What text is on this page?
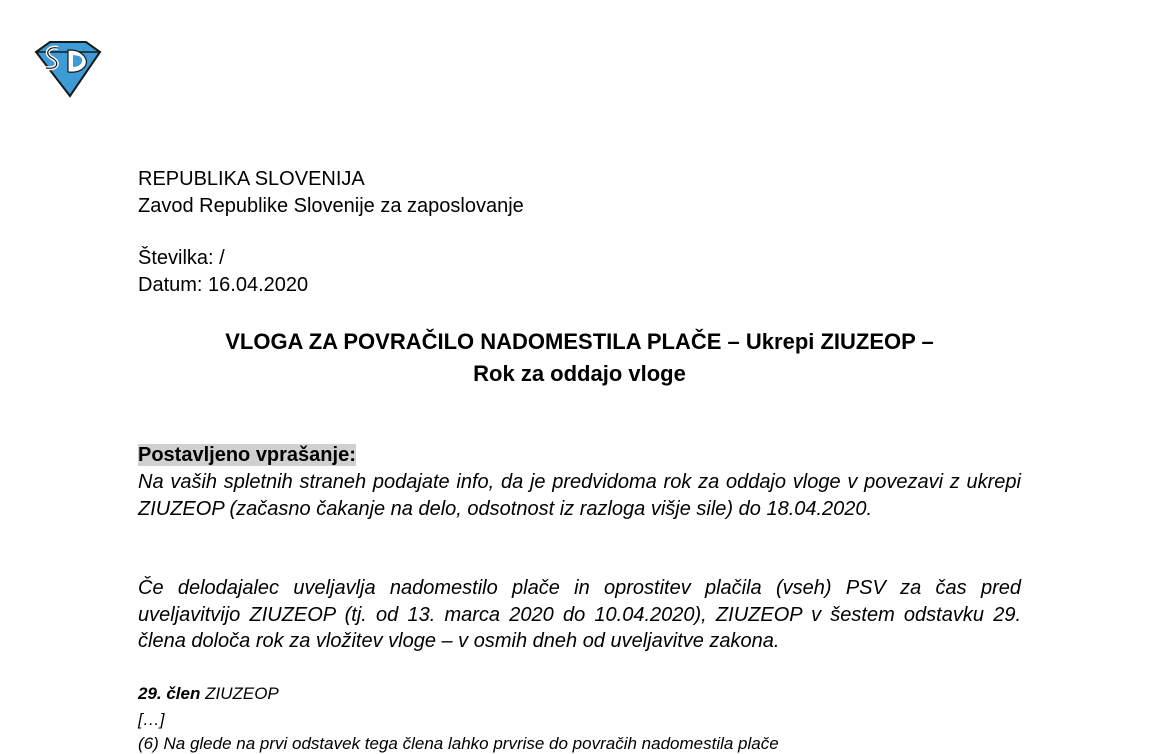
REPUBLIKA SLOVENIJA
Zavod Republike Slovenije za zaposlovanje
Številka: /
Datum: 16.04.2020
VLOGA ZA POVRAČILO NADOMESTILA PLAČE – Ukrepi ZIUZEOP –
Rok za oddajo vloge
Postavljeno vprašanje:
Na vaših spletnih straneh podajate info, da je predvidoma rok za oddajo vloge v povezavi z ukrepi ZIUZEOP (začasno čakanje na delo, odsotnost iz razloga višje sile) do 18.04.2020.
Če delodajalec uveljavlja nadomestilo plače in oprostitev plačila (vseh) PSV za čas pred uveljavitvijo ZIUZEOP (tj. od 13. marca 2020 do 10.04.2020), ZIUZEOP v šestem odstavku 29. člena določa rok za vložitev vloge – v osmih dneh od uveljavitve zakona.
29. člen ZIUZEOP
[…]
(6) Na glede na prvi odstavek tega člena lahko prvrise do povračih nadomestila plače
